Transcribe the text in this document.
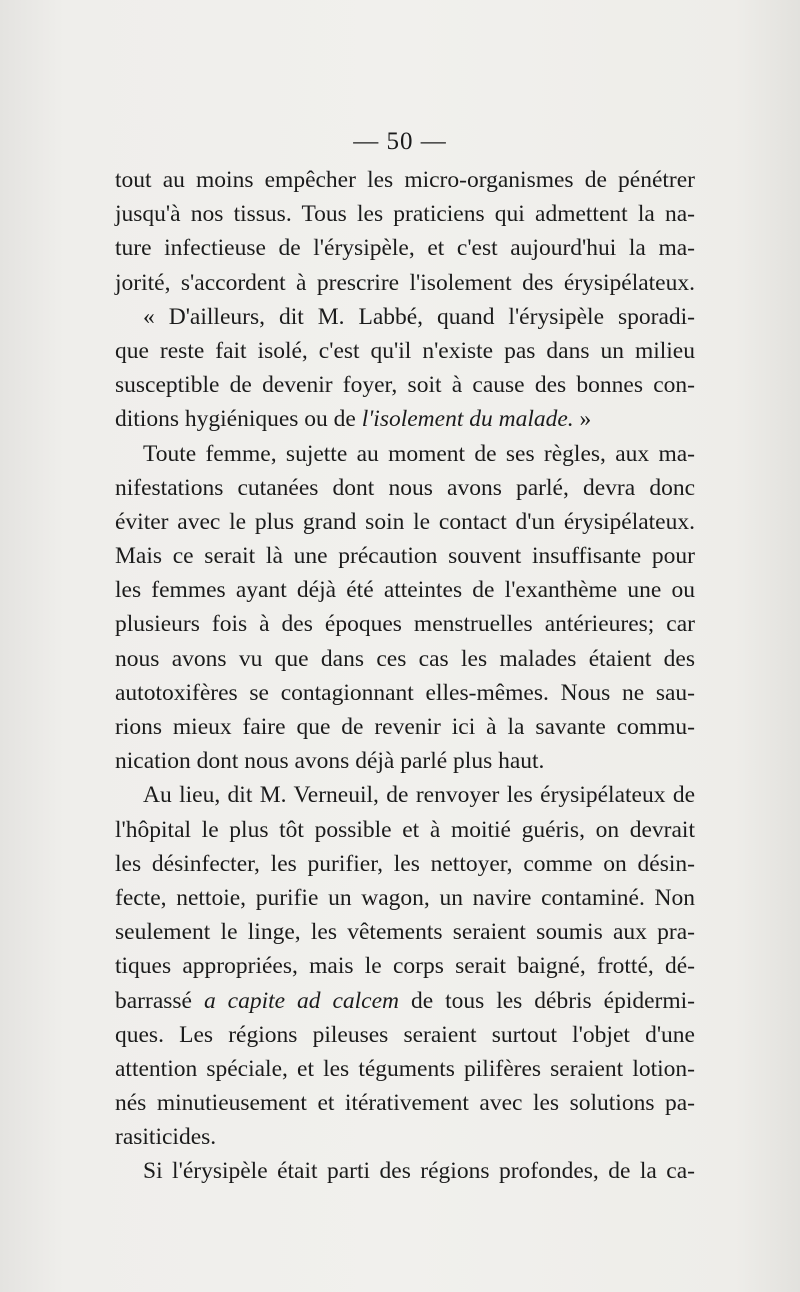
— 50 —
tout au moins empêcher les micro-organismes de pénétrer
jusqu'à nos tissus. Tous les praticiens qui admettent la na-
ture infectieuse de l'érysipèle, et c'est aujourd'hui la ma-
jorité, s'accordent à prescrire l'isolement des érysipélateux.
« D'ailleurs, dit M. Labbé, quand l'érysipèle sporadi-
que reste fait isolé, c'est qu'il n'existe pas dans un milieu
susceptible de devenir foyer, soit à cause des bonnes con-
ditions hygiéniques ou de l'isolement du malade. »
Toute femme, sujette au moment de ses règles, aux ma-
nifestations cutanées dont nous avons parlé, devra donc
éviter avec le plus grand soin le contact d'un érysipélateux.
Mais ce serait là une précaution souvent insuffisante pour
les femmes ayant déjà été atteintes de l'exanthème une ou
plusieurs fois à des époques menstruelles antérieures; car
nous avons vu que dans ces cas les malades étaient des
autotoxifères se contagionnant elles-mêmes. Nous ne sau-
rions mieux faire que de revenir ici à la savante commu-
nication dont nous avons déjà parlé plus haut.
Au lieu, dit M. Verneuil, de renvoyer les érysipélateux de
l'hôpital le plus tôt possible et à moitié guéris, on devrait
les désinfecter, les purifier, les nettoyer, comme on désin-
fecte, nettoie, purifie un wagon, un navire contaminé. Non
seulement le linge, les vêtements seraient soumis aux pra-
tiques appropriées, mais le corps serait baigné, frotté, dé-
barrassé a capite ad calcem de tous les débris épidermi-
ques. Les régions pileuses seraient surtout l'objet d'une
attention spéciale, et les téguments pilifères seraient lotion-
nés minutieusement et itérativement avec les solutions pa-
rasiticides.
Si l'érysipèle était parti des régions profondes, de la ca-
